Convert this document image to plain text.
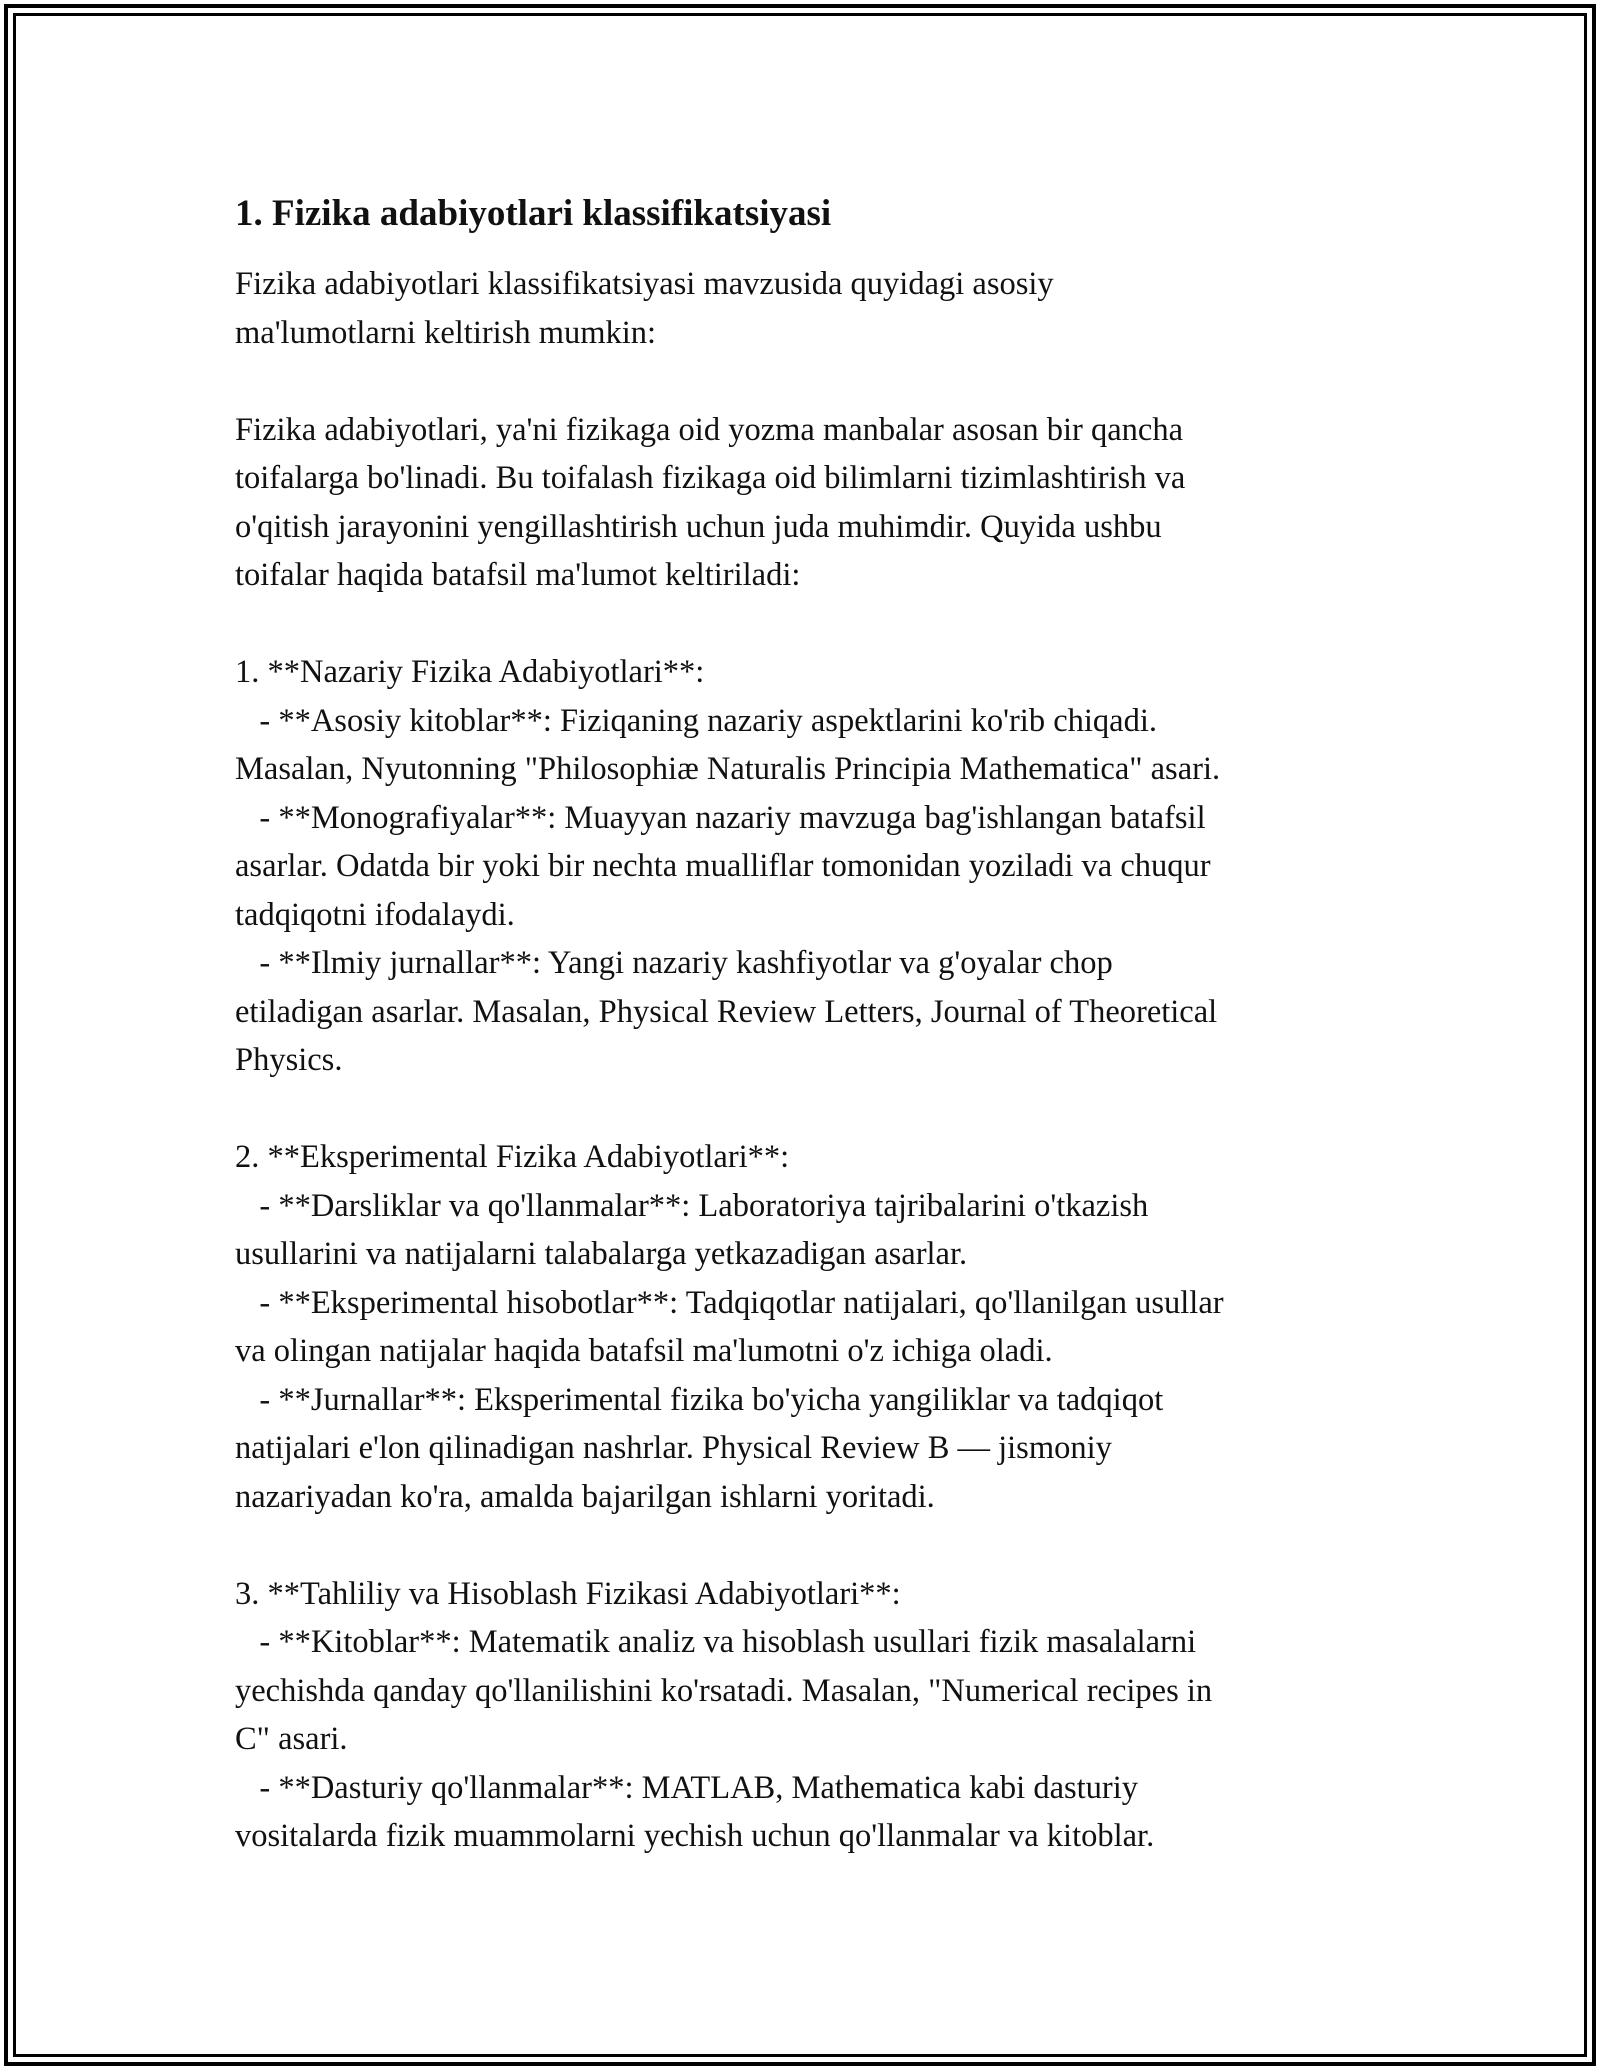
1. Fizika adabiyotlari klassifikatsiyasi

Fizika adabiyotlari klassifikatsiyasi mavzusida quyidagi asosiy
ma'lumotlarni keltirish mumkin:

Fizika adabiyotlari, ya'ni fizikaga oid yozma manbalar asosan bir qancha
toifalarga bo'linadi. Bu toifalash fizikaga oid bilimlarni tizimlashtirish va
o'qitish jarayonini yengillashtirish uchun juda muhimdir. Quyida ushbu
toifalar haqida batafsil ma'lumot keltiriladi:

1. **Nazariy Fizika Adabiyotlari**:
- **Asosiy kitoblar**: Fiziqaning nazariy aspektlarini ko'rib chiqadi.
Masalan, Nyutonning "Philosophiæ Naturalis Principia Mathematica" asari.
- **Monografiyalar**: Muayyan nazariy mavzuga bag'ishlangan batafsil
asarlar. Odatda bir yoki bir nechta mualliflar tomonidan yoziladi va chuqur
tadqiqotni ifodalaydi.
- **Ilmiy jurnallar**: Yangi nazariy kashfiyotlar va g'oyalar chop
etiladigan asarlar. Masalan, Physical Review Letters, Journal of Theoretical
Physics.

2. **Eksperimental Fizika Adabiyotlari**:
- **Darsliklar va qo'llanmalar**: Laboratoriya tajribalarini o'tkazish
usullarini va natijalarni talabalarga yetkazadigan asarlar.
- **Eksperimental hisobotlar**: Tadqiqotlar natijalari, qo'llanilgan usullar
va olingan natijalar haqida batafsil ma'lumotni o'z ichiga oladi.
- **Jurnallar**: Eksperimental fizika bo'yicha yangiliklar va tadqiqot
natijalari e'lon qilinadigan nashrlar. Physical Review B — jismoniy
nazariyadan ko'ra, amalda bajarilgan ishlarni yoritadi.

3. **Tahliliy va Hisoblash Fizikasi Adabiyotlari**:
- **Kitoblar**: Matematik analiz va hisoblash usullari fizik masalalarni
yechishda qanday qo'llanilishini ko'rsatadi. Masalan, "Numerical recipes in
C" asari.
- **Dasturiy qo'llanmalar**: MATLAB, Mathematica kabi dasturiy
vositalarda fizik muammolarni yechish uchun qo'llanmalar va kitoblar.
